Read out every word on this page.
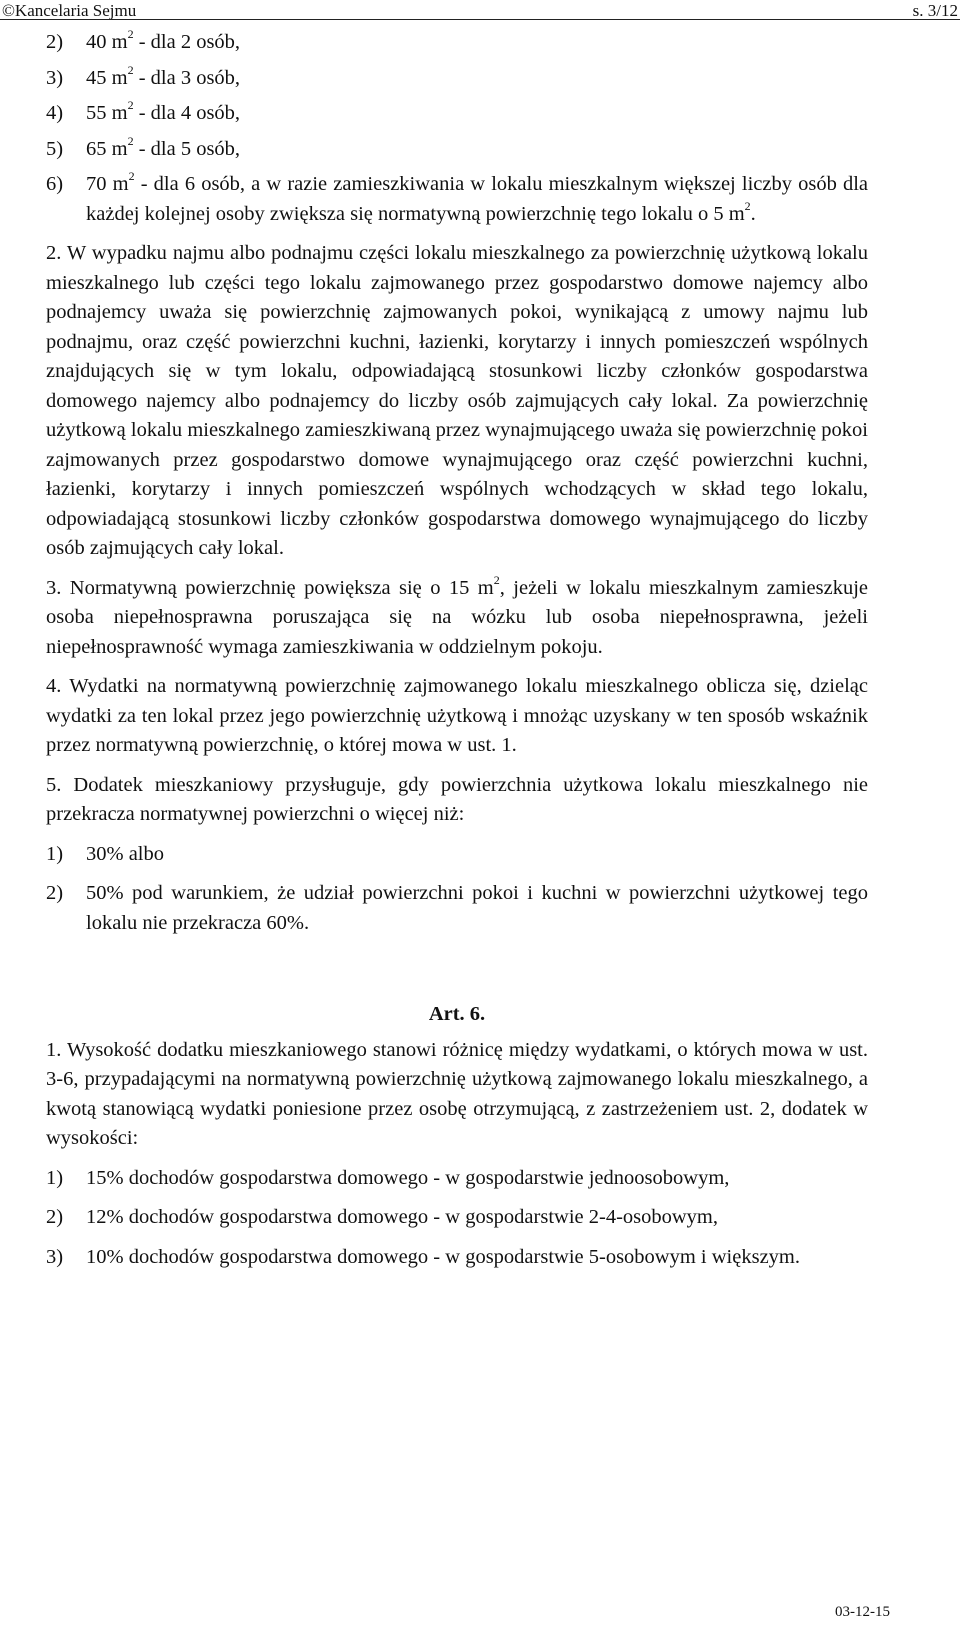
©Kancelaria Sejmu	s. 3/12
2) 40 $m^2$ - dla 2 osób,
3) 45 $m^2$ - dla 3 osób,
4) 55 $m^2$ - dla 4 osób,
5) 65 $m^2$ - dla 5 osób,
6) 70 $m^2$ - dla 6 osób, a w razie zamieszkiwania w lokalu mieszkalnym większej liczby osób dla każdej kolejnej osoby zwiększa się normatywną powierzchnię tego lokalu o 5 $m^2$.
2. W wypadku najmu albo podnajmu części lokalu mieszkalnego za powierzchnię użytkową lokalu mieszkalnego lub części tego lokalu zajmowanego przez gospodarstwo domowe najemcy albo podnajemcy uważa się powierzchnię zajmowanych pokoi, wynikającą z umowy najmu lub podnajmu, oraz część powierzchni kuchni, łazienki, korytarzy i innych pomieszczeń wspólnych znajdujących się w tym lokalu, odpowiadającą stosunkowi liczby członków gospodarstwa domowego najemcy albo podnajemcy do liczby osób zajmujących cały lokal. Za powierzchnię użytkową lokalu mieszkalnego zamieszkiwaną przez wynajmującego uważa się powierzchnię pokoi zajmowanych przez gospodarstwo domowe wynajmującego oraz część powierzchni kuchni, łazienki, korytarzy i innych pomieszczeń wspólnych wchodzących w skład tego lokalu, odpowiadającą stosunkowi liczby członków gospodarstwa domowego wynajmującego do liczby osób zajmujących cały lokal.
3. Normatywną powierzchnię powiększa się o 15 $m^2$, jeżeli w lokalu mieszkalnym zamieszkuje osoba niepełnosprawna poruszająca się na wózku lub osoba niepełnosprawna, jeżeli niepełnosprawność wymaga zamieszkiwania w oddzielnym pokoju.
4. Wydatki na normatywną powierzchnię zajmowanego lokalu mieszkalnego oblicza się, dzieląc wydatki za ten lokal przez jego powierzchnię użytkową i mnożąc uzyskany w ten sposób wskaźnik przez normatywną powierzchnię, o której mowa w ust. 1.
5. Dodatek mieszkaniowy przysługuje, gdy powierzchnia użytkowa lokalu mieszkalnego nie przekracza normatywnej powierzchni o więcej niż:
1) 30% albo
2) 50% pod warunkiem, że udział powierzchni pokoi i kuchni w powierzchni użytkowej tego lokalu nie przekracza 60%.
Art. 6.
1. Wysokość dodatku mieszkaniowego stanowi różnicę między wydatkami, o których mowa w ust. 3-6, przypadającymi na normatywną powierzchnię użytkową zajmowanego lokalu mieszkalnego, a kwotą stanowiącą wydatki poniesione przez osobę otrzymującą, z zastrzeżeniem ust. 2, dodatek w wysokości:
1) 15% dochodów gospodarstwa domowego - w gospodarstwie jednoosobowym,
2) 12% dochodów gospodarstwa domowego - w gospodarstwie 2-4-osobowym,
3) 10% dochodów gospodarstwa domowego - w gospodarstwie 5-osobowym i większym.
03-12-15
